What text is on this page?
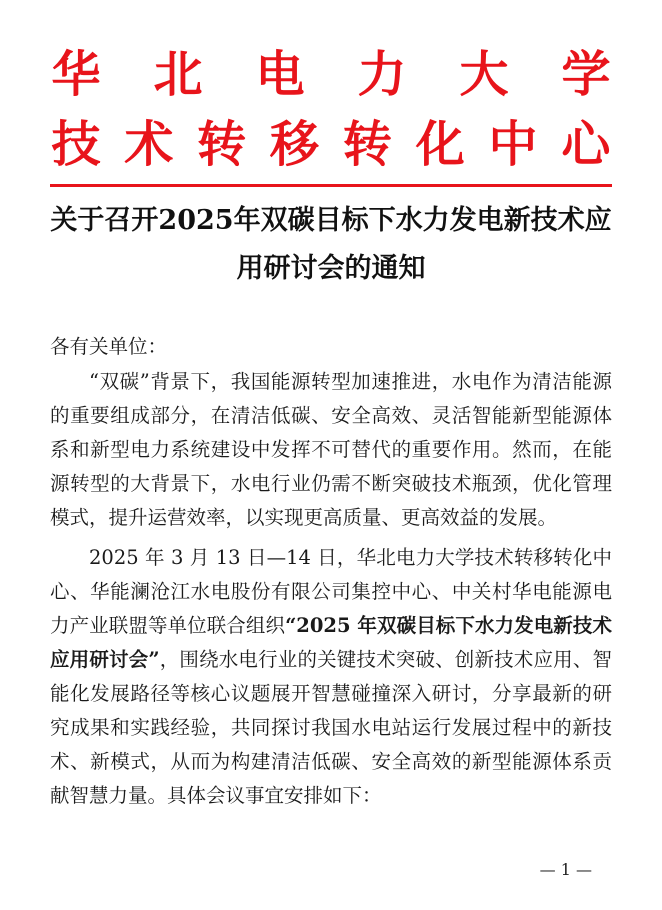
华 北 电 力 大 学
技 术 转 移 转 化 中 心
关于召开2025年双碳目标下水力发电新技术应
用研讨会的通知
各有关单位：

“双碳”背景下，我国能源转型加速推进，水电作为清洁能源的重要组成部分，在清洁低碳、安全高效、灵活智能新型能源体系和新型电力系统建设中发挥不可替代的重要作用。然而，在能源转型的大背景下，水电行业仍需不断突破技术瓶颈，优化管理模式，提升运营效率，以实现更高质量、更高效益的发展。

2025 年 3 月 13 日—14 日，华北电力大学技术转移转化中心、华能澜沧江水电股份有限公司集控中心、中关村华电能源电力产业联盟等单位联合组织“2025 年双碳目标下水力发电新技术应用研讨会”，围绕水电行业的关键技术突破、创新技术应用、智能化发展路径等核心议题展开智慧碰撞深入研讨，分享最新的研究成果和实践经验，共同探讨我国水电站运行发展过程中的新技术、新模式，从而为构建清洁低碳、安全高效的新型能源体系贡献智慧力量。具体会议事宜安排如下：

— 1 —
